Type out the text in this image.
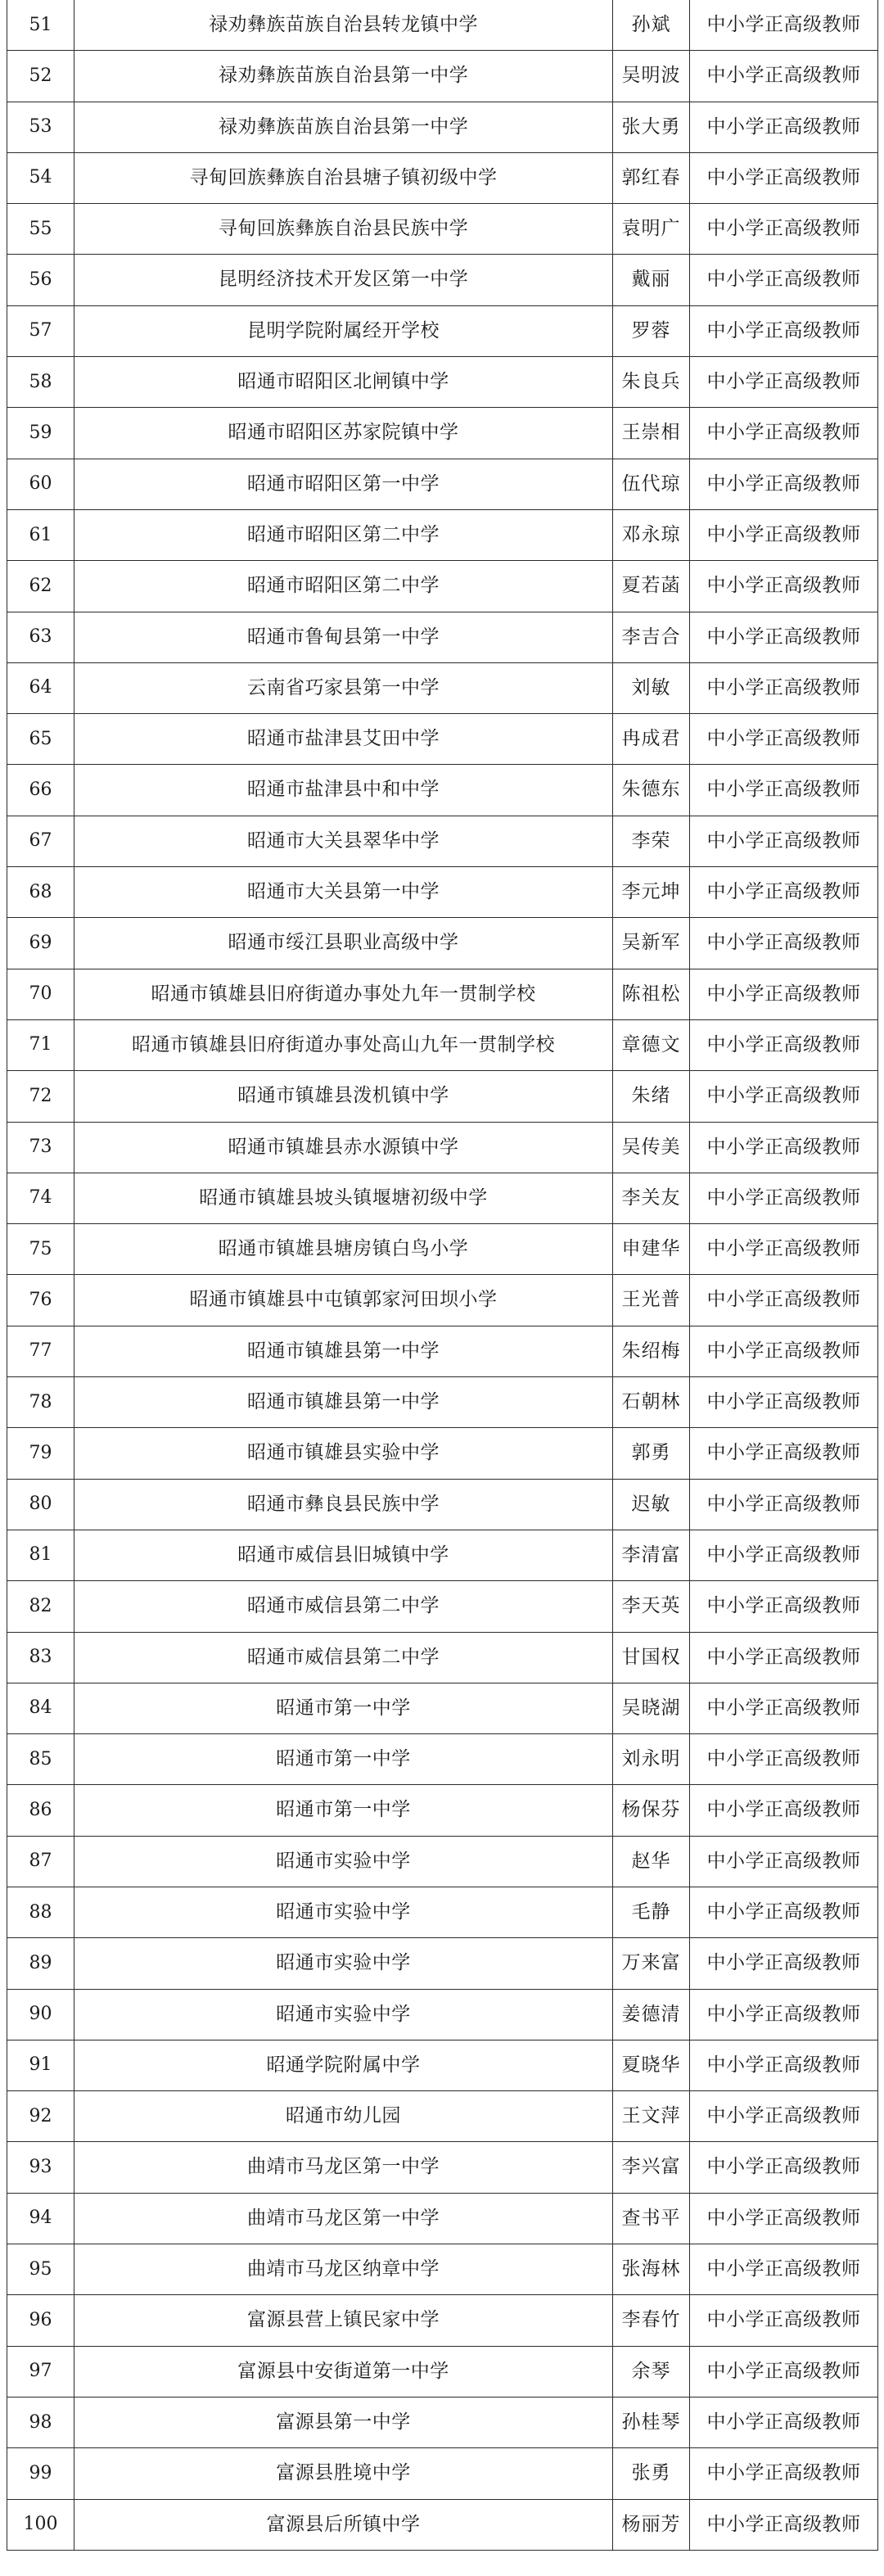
51	禄劝彝族苗族自治县转龙镇中学	孙斌	中小学正高级教师
52	禄劝彝族苗族自治县第一中学	吴明波	中小学正高级教师
53	禄劝彝族苗族自治县第一中学	张大勇	中小学正高级教师
54	寻甸回族彝族自治县塘子镇初级中学	郭红春	中小学正高级教师
55	寻甸回族彝族自治县民族中学	袁明广	中小学正高级教师
56	昆明经济技术开发区第一中学	戴丽	中小学正高级教师
57	昆明学院附属经开学校	罗蓉	中小学正高级教师
58	昭通市昭阳区北闸镇中学	朱良兵	中小学正高级教师
59	昭通市昭阳区苏家院镇中学	王崇相	中小学正高级教师
60	昭通市昭阳区第一中学	伍代琼	中小学正高级教师
61	昭通市昭阳区第二中学	邓永琼	中小学正高级教师
62	昭通市昭阳区第二中学	夏若菡	中小学正高级教师
63	昭通市鲁甸县第一中学	李吉合	中小学正高级教师
64	云南省巧家县第一中学	刘敏	中小学正高级教师
65	昭通市盐津县艾田中学	冉成君	中小学正高级教师
66	昭通市盐津县中和中学	朱德东	中小学正高级教师
67	昭通市大关县翠华中学	李荣	中小学正高级教师
68	昭通市大关县第一中学	李元坤	中小学正高级教师
69	昭通市绥江县职业高级中学	吴新军	中小学正高级教师
70	昭通市镇雄县旧府街道办事处九年一贯制学校	陈祖松	中小学正高级教师
71	昭通市镇雄县旧府街道办事处高山九年一贯制学校	章德文	中小学正高级教师
72	昭通市镇雄县泼机镇中学	朱绪	中小学正高级教师
73	昭通市镇雄县赤水源镇中学	吴传美	中小学正高级教师
74	昭通市镇雄县坡头镇堰塘初级中学	李关友	中小学正高级教师
75	昭通市镇雄县塘房镇白鸟小学	申建华	中小学正高级教师
76	昭通市镇雄县中屯镇郭家河田坝小学	王光普	中小学正高级教师
77	昭通市镇雄县第一中学	朱绍梅	中小学正高级教师
78	昭通市镇雄县第一中学	石朝林	中小学正高级教师
79	昭通市镇雄县实验中学	郭勇	中小学正高级教师
80	昭通市彝良县民族中学	迟敏	中小学正高级教师
81	昭通市威信县旧城镇中学	李清富	中小学正高级教师
82	昭通市威信县第二中学	李天英	中小学正高级教师
83	昭通市威信县第二中学	甘国权	中小学正高级教师
84	昭通市第一中学	吴晓湖	中小学正高级教师
85	昭通市第一中学	刘永明	中小学正高级教师
86	昭通市第一中学	杨保芬	中小学正高级教师
87	昭通市实验中学	赵华	中小学正高级教师
88	昭通市实验中学	毛静	中小学正高级教师
89	昭通市实验中学	万来富	中小学正高级教师
90	昭通市实验中学	姜德清	中小学正高级教师
91	昭通学院附属中学	夏晓华	中小学正高级教师
92	昭通市幼儿园	王文萍	中小学正高级教师
93	曲靖市马龙区第一中学	李兴富	中小学正高级教师
94	曲靖市马龙区第一中学	查书平	中小学正高级教师
95	曲靖市马龙区纳章中学	张海林	中小学正高级教师
96	富源县营上镇民家中学	李春竹	中小学正高级教师
97	富源县中安街道第一中学	余琴	中小学正高级教师
98	富源县第一中学	孙桂琴	中小学正高级教师
99	富源县胜境中学	张勇	中小学正高级教师
100	富源县后所镇中学	杨丽芳	中小学正高级教师
